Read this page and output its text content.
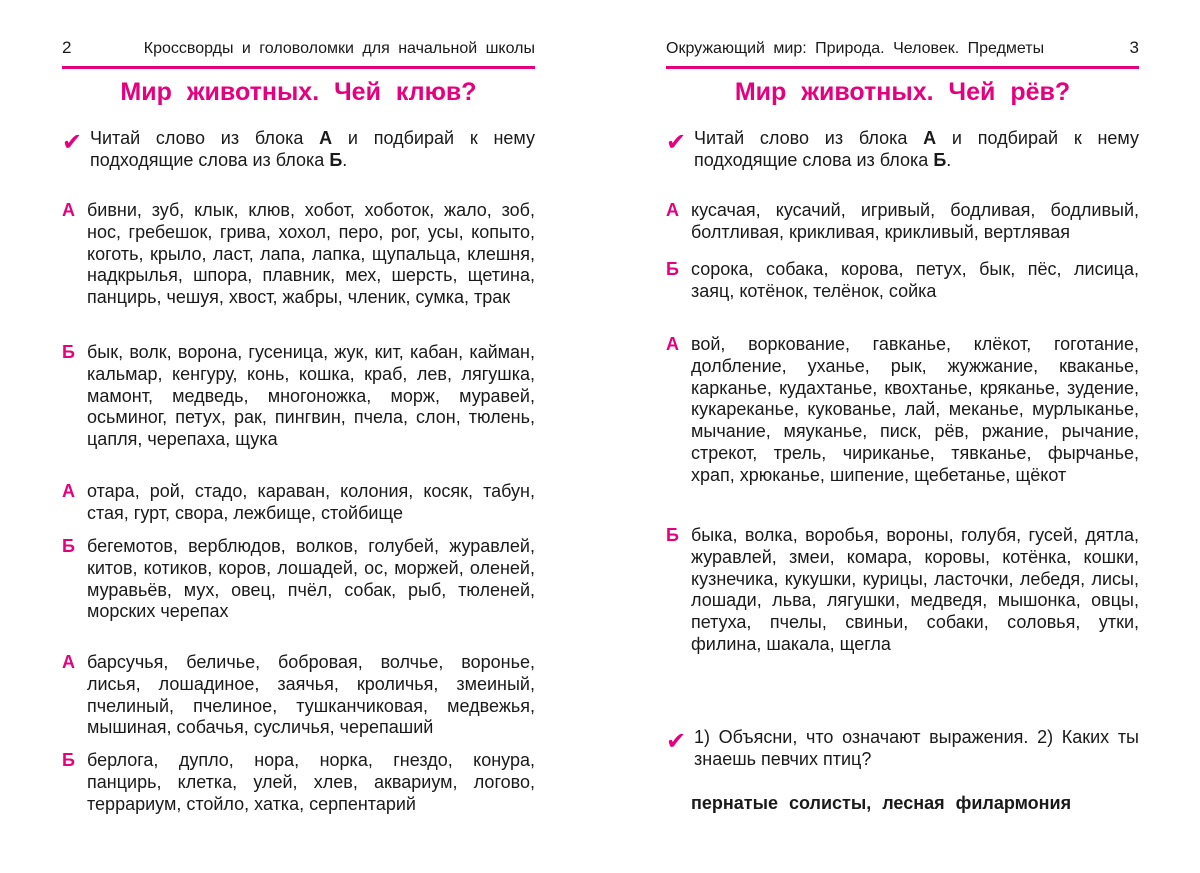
2	Кроссворды и головоломки для начальной школы
Мир животных. Чей клюв?
✔ Читай слово из блока А и подбирай к нему подходящие слова из блока Б.
А бивни, зуб, клык, клюв, хобот, хоботок, жало, зоб, нос, гребешок, грива, хохол, перо, рог, усы, копыто, коготь, крыло, ласт, лапа, лапка, щупальца, клешня, надкрылья, шпора, плавник, мех, шерсть, щетина, панцирь, чешуя, хвост, жабры, членик, сумка, трак
Б бык, волк, ворона, гусеница, жук, кит, кабан, кайман, кальмар, кенгуру, конь, кошка, краб, лев, лягушка, мамонт, медведь, многоножка, морж, муравей, осьминог, петух, рак, пингвин, пчела, слон, тюлень, цапля, черепаха, щука
А отара, рой, стадо, караван, колония, косяк, табун, стая, гурт, свора, лежбище, стойбище
Б бегемотов, верблюдов, волков, голубей, журавлей, китов, котиков, коров, лошадей, ос, моржей, оленей, муравьёв, мух, овец, пчёл, собак, рыб, тюленей, морских черепах
А барсучья, беличье, бобровая, волчье, воронье, лисья, лошадиное, заячья, кроличья, змеиный, пчелиный, пчелиное, тушканчиковая, медвежья, мышиная, собачья, сусличья, черепаший
Б берлога, дупло, нора, норка, гнездо, конура, панцирь, клетка, улей, хлев, аквариум, логово, террариум, стойло, хатка, серпентарий
Окружающий мир: Природа. Человек. Предметы	3
Мир животных. Чей рёв?
✔ Читай слово из блока А и подбирай к нему подходящие слова из блока Б.
А кусачая, кусачий, игривый, бодливая, бодливый, болтливая, крикливая, крикливый, вертлявая
Б сорока, собака, корова, петух, бык, пёс, лисица, заяц, котёнок, телёнок, сойка
А вой, воркование, гавканье, клёкот, гоготание, долбление, уханье, рык, жужжание, кваканье, карканье, кудахтанье, квохтанье, кряканье, зудение, кукареканье, кукованье, лай, меканье, мурлыканье, мычание, мяуканье, писк, рёв, ржание, рычание, стрекот, трель, чириканье, тявканье, фырчанье, храп, хрюканье, шипение, щебетанье, щёкот
Б быка, волка, воробья, вороны, голубя, гусей, дятла, журавлей, змеи, комара, коровы, котёнка, кошки, кузнечика, кукушки, курицы, ласточки, лебедя, лисы, лошади, льва, лягушки, медведя, мышонка, овцы, петуха, пчелы, свиньи, собаки, соловья, утки, филина, шакала, щегла
✔ 1) Объясни, что означают выражения. 2) Каких ты знаешь певчих птиц?
пернатые солисты, лесная филармония
